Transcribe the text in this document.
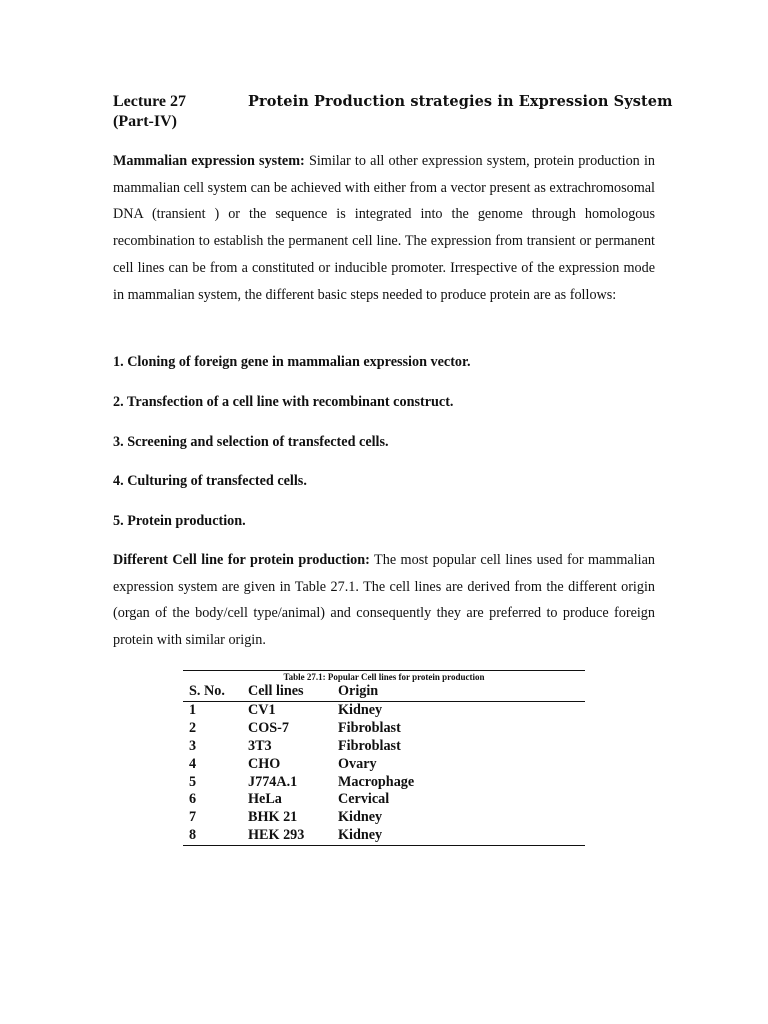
Lecture 27	Protein Production strategies in Expression System
(Part-IV)

Mammalian expression system: Similar to all other expression system, protein production in mammalian cell system can be achieved with either from a vector present as extrachromosomal DNA (transient ) or the sequence is integrated into the genome through homologous recombination to establish the permanent cell line. The expression from transient or permanent cell lines can be from a constituted or inducible promoter. Irrespective of the expression mode in mammalian system, the different basic steps needed to produce protein are as follows:

1. Cloning of foreign gene in mammalian expression vector.
2. Transfection of a cell line with recombinant construct.
3. Screening and selection of transfected cells.
4. Culturing of transfected cells.
5. Protein production.

Different Cell line for protein production: The most popular cell lines used for mammalian expression system are given in Table 27.1. The cell lines are derived from the different origin (organ of the body/cell type/animal) and consequently they are preferred to produce foreign protein with similar origin.

Table 27.1: Popular Cell lines for protein production
S. No.	Cell lines	Origin
1	CV1	Kidney
2	COS-7	Fibroblast
3	3T3	Fibroblast
4	CHO	Ovary
5	J774A.1	Macrophage
6	HeLa	Cervical
7	BHK 21	Kidney
8	HEK 293	Kidney
